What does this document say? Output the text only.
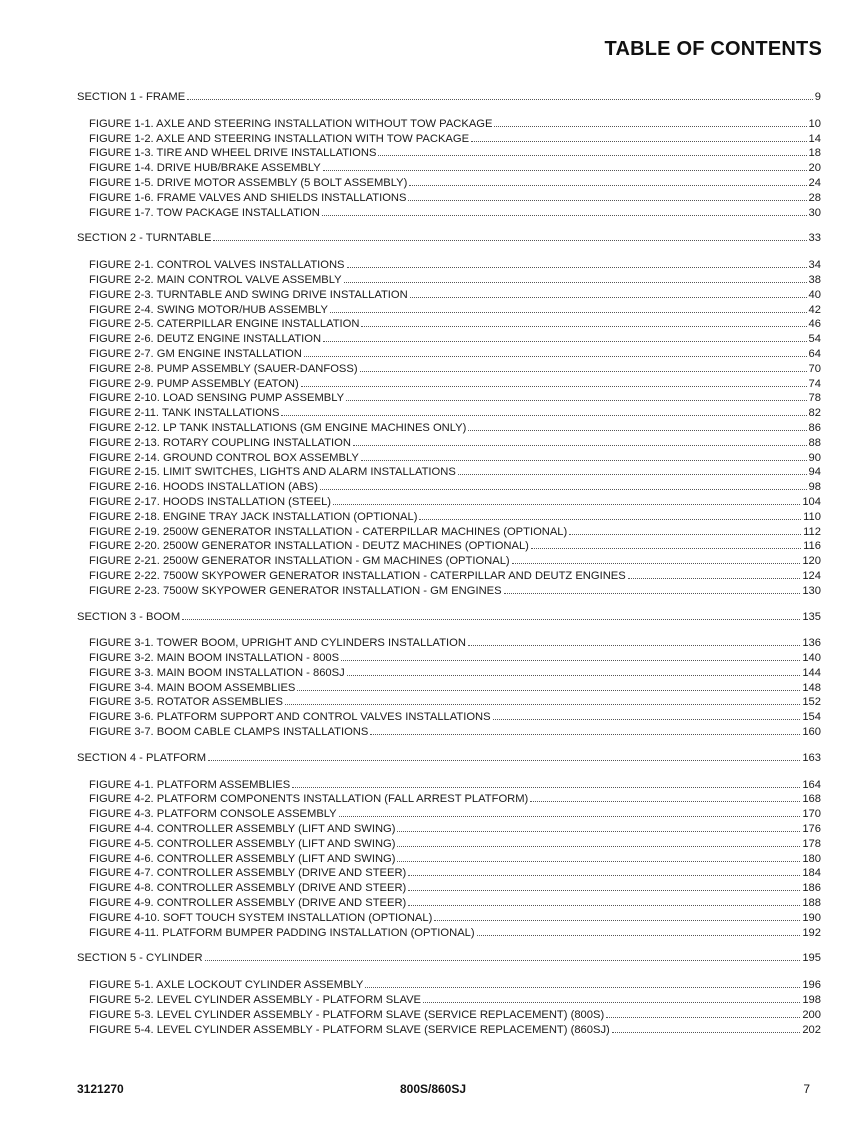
TABLE OF CONTENTS
SECTION 1 - FRAME	9
FIGURE 1-1. AXLE AND STEERING INSTALLATION WITHOUT TOW PACKAGE	10
FIGURE 1-2. AXLE AND STEERING INSTALLATION WITH TOW PACKAGE	14
FIGURE 1-3. TIRE AND WHEEL DRIVE INSTALLATIONS	18
FIGURE 1-4. DRIVE HUB/BRAKE ASSEMBLY	20
FIGURE 1-5. DRIVE MOTOR ASSEMBLY (5 BOLT ASSEMBLY)	24
FIGURE 1-6. FRAME VALVES AND SHIELDS INSTALLATIONS	28
FIGURE 1-7. TOW PACKAGE INSTALLATION	30
SECTION 2 - TURNTABLE	33
FIGURE 2-1. CONTROL VALVES INSTALLATIONS	34
FIGURE 2-2. MAIN CONTROL VALVE ASSEMBLY	38
FIGURE 2-3. TURNTABLE AND SWING DRIVE INSTALLATION	40
FIGURE 2-4. SWING MOTOR/HUB ASSEMBLY	42
FIGURE 2-5. CATERPILLAR ENGINE INSTALLATION	46
FIGURE 2-6. DEUTZ ENGINE INSTALLATION	54
FIGURE 2-7. GM ENGINE INSTALLATION	64
FIGURE 2-8. PUMP ASSEMBLY (SAUER-DANFOSS)	70
FIGURE 2-9. PUMP ASSEMBLY (EATON)	74
FIGURE 2-10. LOAD SENSING PUMP ASSEMBLY	78
FIGURE 2-11. TANK INSTALLATIONS	82
FIGURE 2-12. LP TANK INSTALLATIONS (GM ENGINE MACHINES ONLY)	86
FIGURE 2-13. ROTARY COUPLING INSTALLATION	88
FIGURE 2-14. GROUND CONTROL BOX ASSEMBLY	90
FIGURE 2-15. LIMIT SWITCHES, LIGHTS AND ALARM INSTALLATIONS	94
FIGURE 2-16. HOODS INSTALLATION (ABS)	98
FIGURE 2-17. HOODS INSTALLATION (STEEL)	104
FIGURE 2-18. ENGINE TRAY JACK INSTALLATION (OPTIONAL)	110
FIGURE 2-19. 2500W GENERATOR INSTALLATION - CATERPILLAR MACHINES (OPTIONAL)	112
FIGURE 2-20. 2500W GENERATOR INSTALLATION - DEUTZ MACHINES (OPTIONAL)	116
FIGURE 2-21. 2500W GENERATOR INSTALLATION - GM MACHINES (OPTIONAL)	120
FIGURE 2-22. 7500W SKYPOWER GENERATOR INSTALLATION - CATERPILLAR AND DEUTZ ENGINES	124
FIGURE 2-23. 7500W SKYPOWER GENERATOR INSTALLATION - GM ENGINES	130
SECTION 3 - BOOM	135
FIGURE 3-1. TOWER BOOM, UPRIGHT AND CYLINDERS INSTALLATION	136
FIGURE 3-2. MAIN BOOM INSTALLATION - 800S	140
FIGURE 3-3. MAIN BOOM INSTALLATION - 860SJ	144
FIGURE 3-4. MAIN BOOM ASSEMBLIES	148
FIGURE 3-5. ROTATOR ASSEMBLIES	152
FIGURE 3-6. PLATFORM SUPPORT AND CONTROL VALVES INSTALLATIONS	154
FIGURE 3-7. BOOM CABLE CLAMPS INSTALLATIONS	160
SECTION 4 - PLATFORM	163
FIGURE 4-1. PLATFORM ASSEMBLIES	164
FIGURE 4-2. PLATFORM COMPONENTS INSTALLATION (FALL ARREST PLATFORM)	168
FIGURE 4-3. PLATFORM CONSOLE ASSEMBLY	170
FIGURE 4-4. CONTROLLER ASSEMBLY (LIFT AND SWING)	176
FIGURE 4-5. CONTROLLER ASSEMBLY (LIFT AND SWING)	178
FIGURE 4-6. CONTROLLER ASSEMBLY (LIFT AND SWING)	180
FIGURE 4-7. CONTROLLER ASSEMBLY (DRIVE AND STEER)	184
FIGURE 4-8. CONTROLLER ASSEMBLY (DRIVE AND STEER)	186
FIGURE 4-9. CONTROLLER ASSEMBLY (DRIVE AND STEER)	188
FIGURE 4-10. SOFT TOUCH SYSTEM INSTALLATION (OPTIONAL)	190
FIGURE 4-11. PLATFORM BUMPER PADDING INSTALLATION (OPTIONAL)	192
SECTION 5 - CYLINDER	195
FIGURE 5-1. AXLE LOCKOUT CYLINDER ASSEMBLY	196
FIGURE 5-2. LEVEL CYLINDER ASSEMBLY - PLATFORM SLAVE	198
FIGURE 5-3. LEVEL CYLINDER ASSEMBLY - PLATFORM SLAVE (SERVICE REPLACEMENT) (800S)	200
FIGURE 5-4. LEVEL CYLINDER ASSEMBLY - PLATFORM SLAVE (SERVICE REPLACEMENT) (860SJ)	202
3121270	800S/860SJ	7
